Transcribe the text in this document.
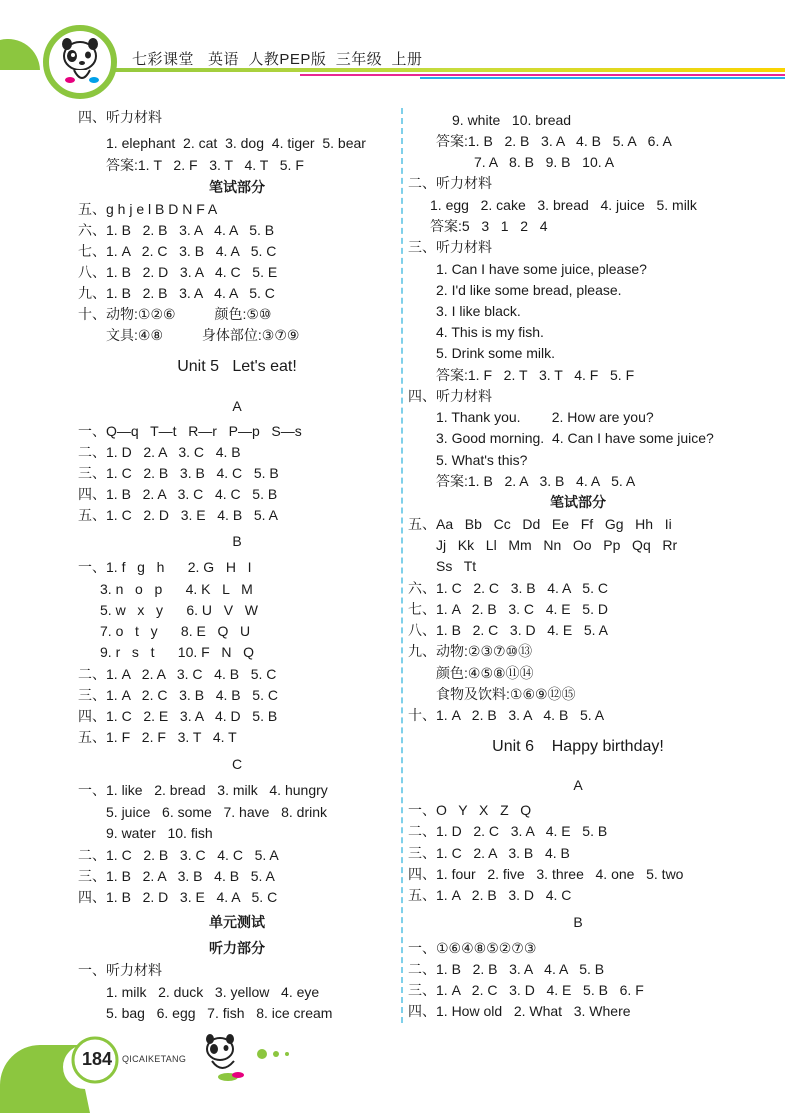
七彩课堂   英语  人教PEP版  三年级  上册
四、听力材料
1. elephant  2. cat  3. dog  4. tiger  5. bear
答案:1. T   2. F   3. T   4. T   5. F
笔试部分
五、g h j e l B D N F A
六、1. B   2. B   3. A   4. A   5. B
七、1. A   2. C   3. B   4. A   5. C
八、1. B   2. D   3. A   4. C   5. E
九、1. B   2. B   3. A   4. A   5. C
十、动物:①②⑥          颜色:⑤⑩
文具:④⑧          身体部位:③⑦⑨
Unit 5   Let's eat!
A
一、Q—q   T—t   R—r   P—p   S—s
二、1. D   2. A   3. C   4. B
三、1. C   2. B   3. B   4. C   5. B
四、1. B   2. A   3. C   4. C   5. B
五、1. C   2. D   3. E   4. B   5. A
B
一、1. f   g   h      2. G   H   I
3. n   o   p      4. K   L   M
5. w   x   y      6. U   V   W
7. o   t   y      8. E   Q   U
9. r   s   t      10. F   N   Q
二、1. A   2. A   3. C   4. B   5. C
三、1. A   2. C   3. B   4. B   5. C
四、1. C   2. E   3. A   4. D   5. B
五、1. F   2. F   3. T   4. T
C
一、1. like   2. bread   3. milk   4. hungry
5. juice   6. some   7. have   8. drink
9. water   10. fish
二、1. C   2. B   3. C   4. C   5. A
三、1. B   2. A   3. B   4. B   5. A
四、1. B   2. D   3. E   4. A   5. C
单元测试
听力部分
一、听力材料
1. milk   2. duck   3. yellow   4. eye
5. bag   6. egg   7. fish   8. ice cream
9. white   10. bread
答案:1. B   2. B   3. A   4. B   5. A   6. A
7. A   8. B   9. B   10. A
二、听力材料
1. egg   2. cake   3. bread   4. juice   5. milk
答案:5   3   1   2   4
三、听力材料
1. Can I have some juice, please?
2. I'd like some bread, please.
3. I like black.
4. This is my fish.
5. Drink some milk.
答案:1. F   2. T   3. T   4. F   5. F
四、听力材料
1. Thank you.        2. How are you?
3. Good morning.  4. Can I have some juice?
5. What's this?
答案:1. B   2. A   3. B   4. A   5. A
笔试部分
五、Aa   Bb   Cc   Dd   Ee   Ff   Gg   Hh   Ii
Jj   Kk   Ll   Mm   Nn   Oo   Pp   Qq   Rr
Ss   Tt
六、1. C   2. C   3. B   4. A   5. C
七、1. A   2. B   3. C   4. E   5. D
八、1. B   2. C   3. D   4. E   5. A
九、动物:②③⑦⑩⑬
颜色:④⑤⑧⑪⑭
食物及饮料:①⑥⑨⑫⑮
十、1. A   2. B   3. A   4. B   5. A
Unit 6    Happy birthday!
A
一、O   Y   X   Z   Q
二、1. D   2. C   3. A   4. E   5. B
三、1. C   2. A   3. B   4. B
四、1. four   2. five   3. three   4. one   5. two
五、1. A   2. B   3. D   4. C
B
一、①⑥④⑧⑤②⑦③
二、1. B   2. B   3. A   4. A   5. B
三、1. A   2. C   3. D   4. E   5. B   6. F
四、1. How old   2. What   3. Where
184 QICAIKETANG
